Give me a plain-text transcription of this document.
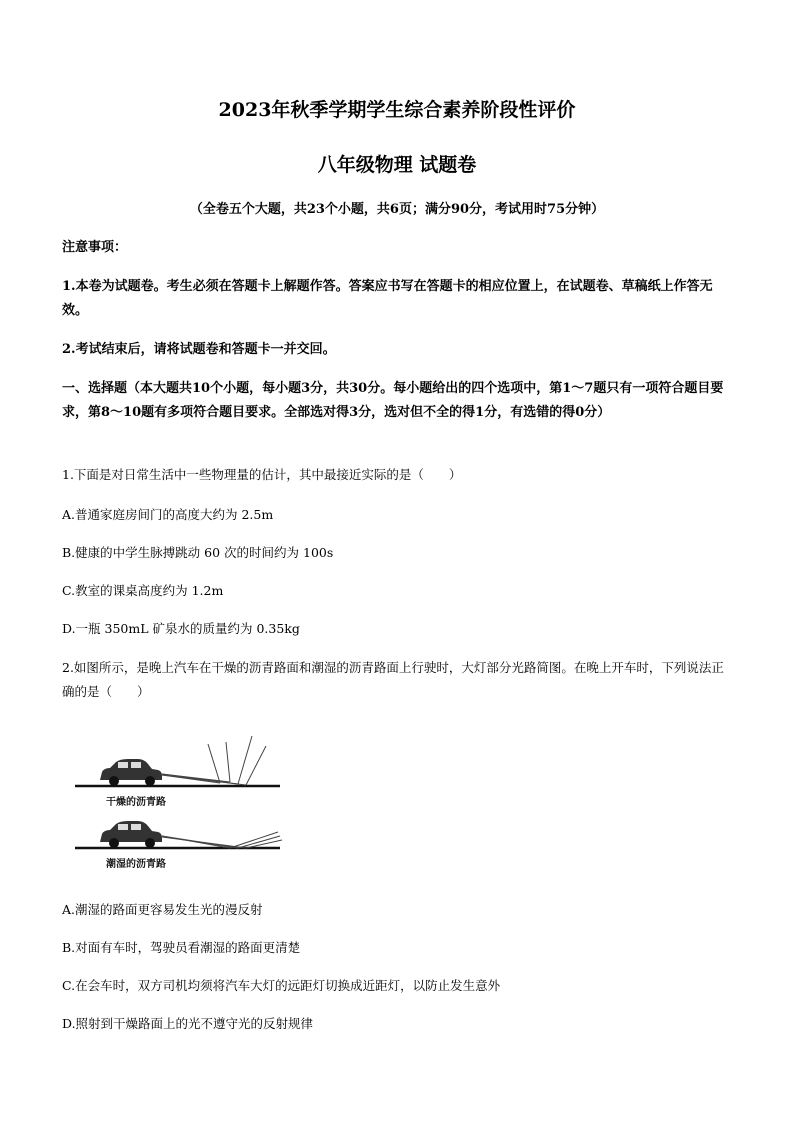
2023年秋季学期学生综合素养阶段性评价
八年级物理 试题卷
（全卷五个大题，共23个小题，共6页；满分90分，考试用时75分钟）
注意事项：
1.本卷为试题卷。考生必须在答题卡上解题作答。答案应书写在答题卡的相应位置上，在试题卷、草稿纸上作答无效。
2.考试结束后，请将试题卷和答题卡一并交回。
一、选择题（本大题共10个小题，每小题3分，共30分。每小题给出的四个选项中，第1～7题只有一项符合题目要求，第8～10题有多项符合题目要求。全部选对得3分，选对但不全的得1分，有选错的得0分）
1.下面是对日常生活中一些物理量的估计，其中最接近实际的是（　　）
A.普通家庭房间门的高度大约为 2.5m
B.健康的中学生脉搏跳动 60 次的时间约为 100s
C.教室的课桌高度约为 1.2m
D.一瓶 350mL 矿泉水的质量约为 0.35kg
2.如图所示，是晚上汽车在干燥的沥青路面和潮湿的沥青路面上行驶时，大灯部分光路简图。在晚上开车时，下列说法正确的是（　　）
干燥的沥青路
潮湿的沥青路
A.潮湿的路面更容易发生光的漫反射
B.对面有车时，驾驶员看潮湿的路面更清楚
C.在会车时，双方司机均须将汽车大灯的远距灯切换成近距灯，以防止发生意外
D.照射到干燥路面上的光不遵守光的反射规律
